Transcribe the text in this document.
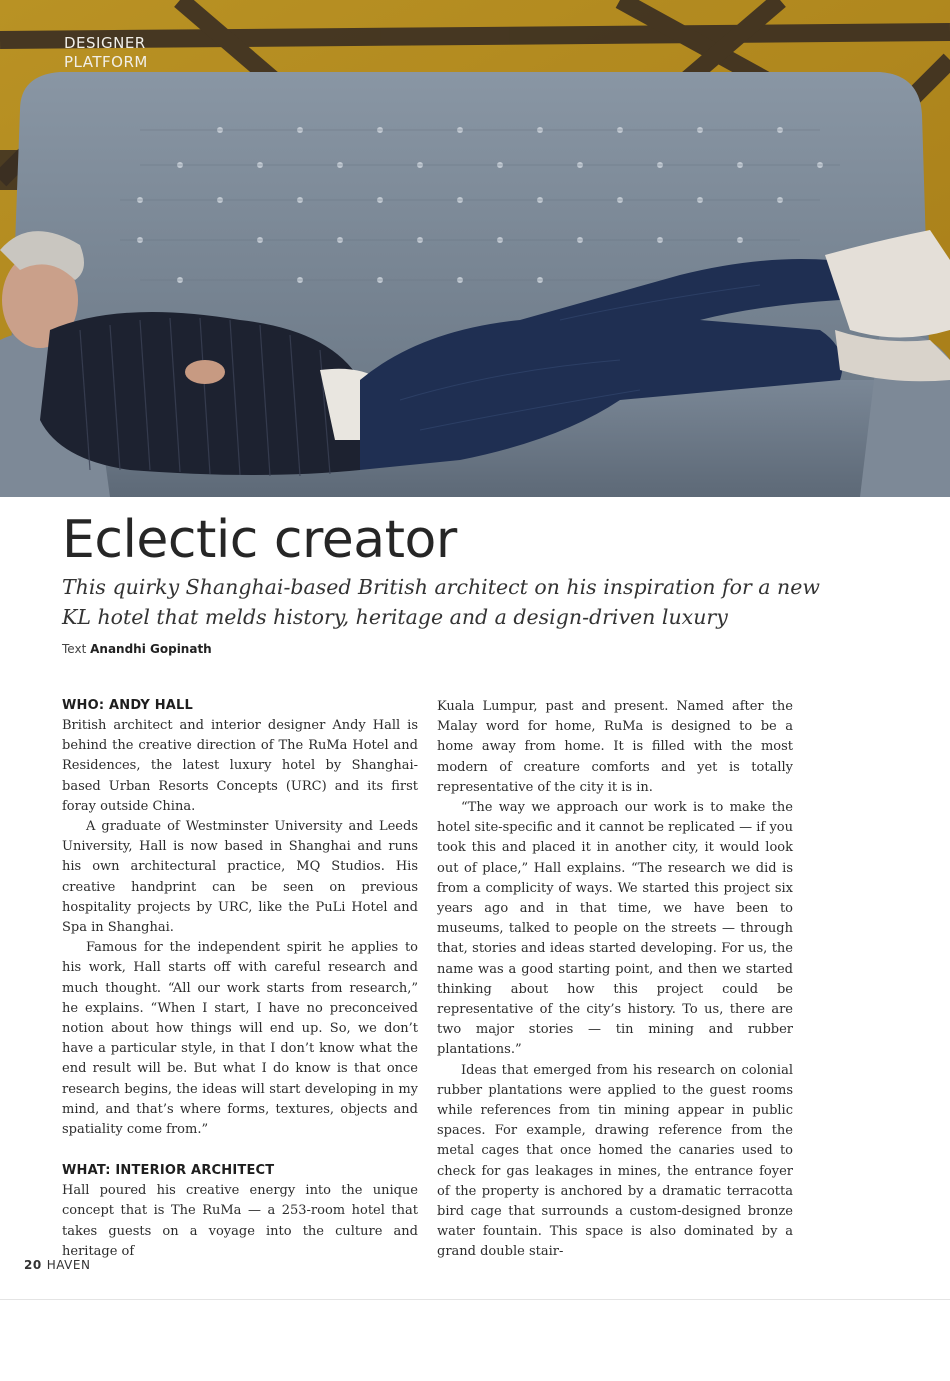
DESIGNER
PLATFORM
Eclectic creator

This quirky Shanghai-based British architect on his inspiration for a new KL hotel that melds history, heritage and a design-driven luxury

Text Anandhi Gopinath
WHO: ANDY HALL

British architect and interior designer Andy Hall is behind the creative direction of The RuMa Hotel and Residences, the latest luxury hotel by Shanghai-based Urban Resorts Concepts (URC) and its first foray outside China.

A graduate of Westminster University and Leeds University, Hall is now based in Shanghai and runs his own architectural practice, MQ Studios. His creative handprint can be seen on previous hospitality projects by URC, like the PuLi Hotel and Spa in Shanghai.

Famous for the independent spirit he applies to his work, Hall starts off with careful research and much thought. “All our work starts from research,” he explains. “When I start, I have no preconceived notion about how things will end up. So, we don’t have a particular style, in that I don’t know what the end result will be. But what I do know is that once research begins, the ideas will start developing in my mind, and that’s where forms, textures, objects and spatiality come from.”

WHAT: INTERIOR ARCHITECT

Hall poured his creative energy into the unique concept that is The RuMa — a 253-room hotel that takes guests on a voyage into the culture and heritage of

Kuala Lumpur, past and present. Named after the Malay word for home, RuMa is designed to be a home away from home. It is filled with the most modern of creature comforts and yet is totally representative of the city it is in.

“The way we approach our work is to make the hotel site-specific and it cannot be replicated — if you took this and placed it in another city, it would look out of place,” Hall explains. “The research we did is from a complicity of ways. We started this project six years ago and in that time, we have been to museums, talked to people on the streets — through that, stories and ideas started developing. For us, the name was a good starting point, and then we started thinking about how this project could be representative of the city’s history. To us, there are two major stories — tin mining and rubber plantations.”

Ideas that emerged from his research on colonial rubber plantations were applied to the guest rooms while references from tin mining appear in public spaces. For example, drawing reference from the metal cages that once homed the canaries used to check for gas leakages in mines, the entrance foyer of the property is anchored by a dramatic terracotta bird cage that surrounds a custom-designed bronze water fountain. This space is also dominated by a grand double stair-

20 HAVEN
